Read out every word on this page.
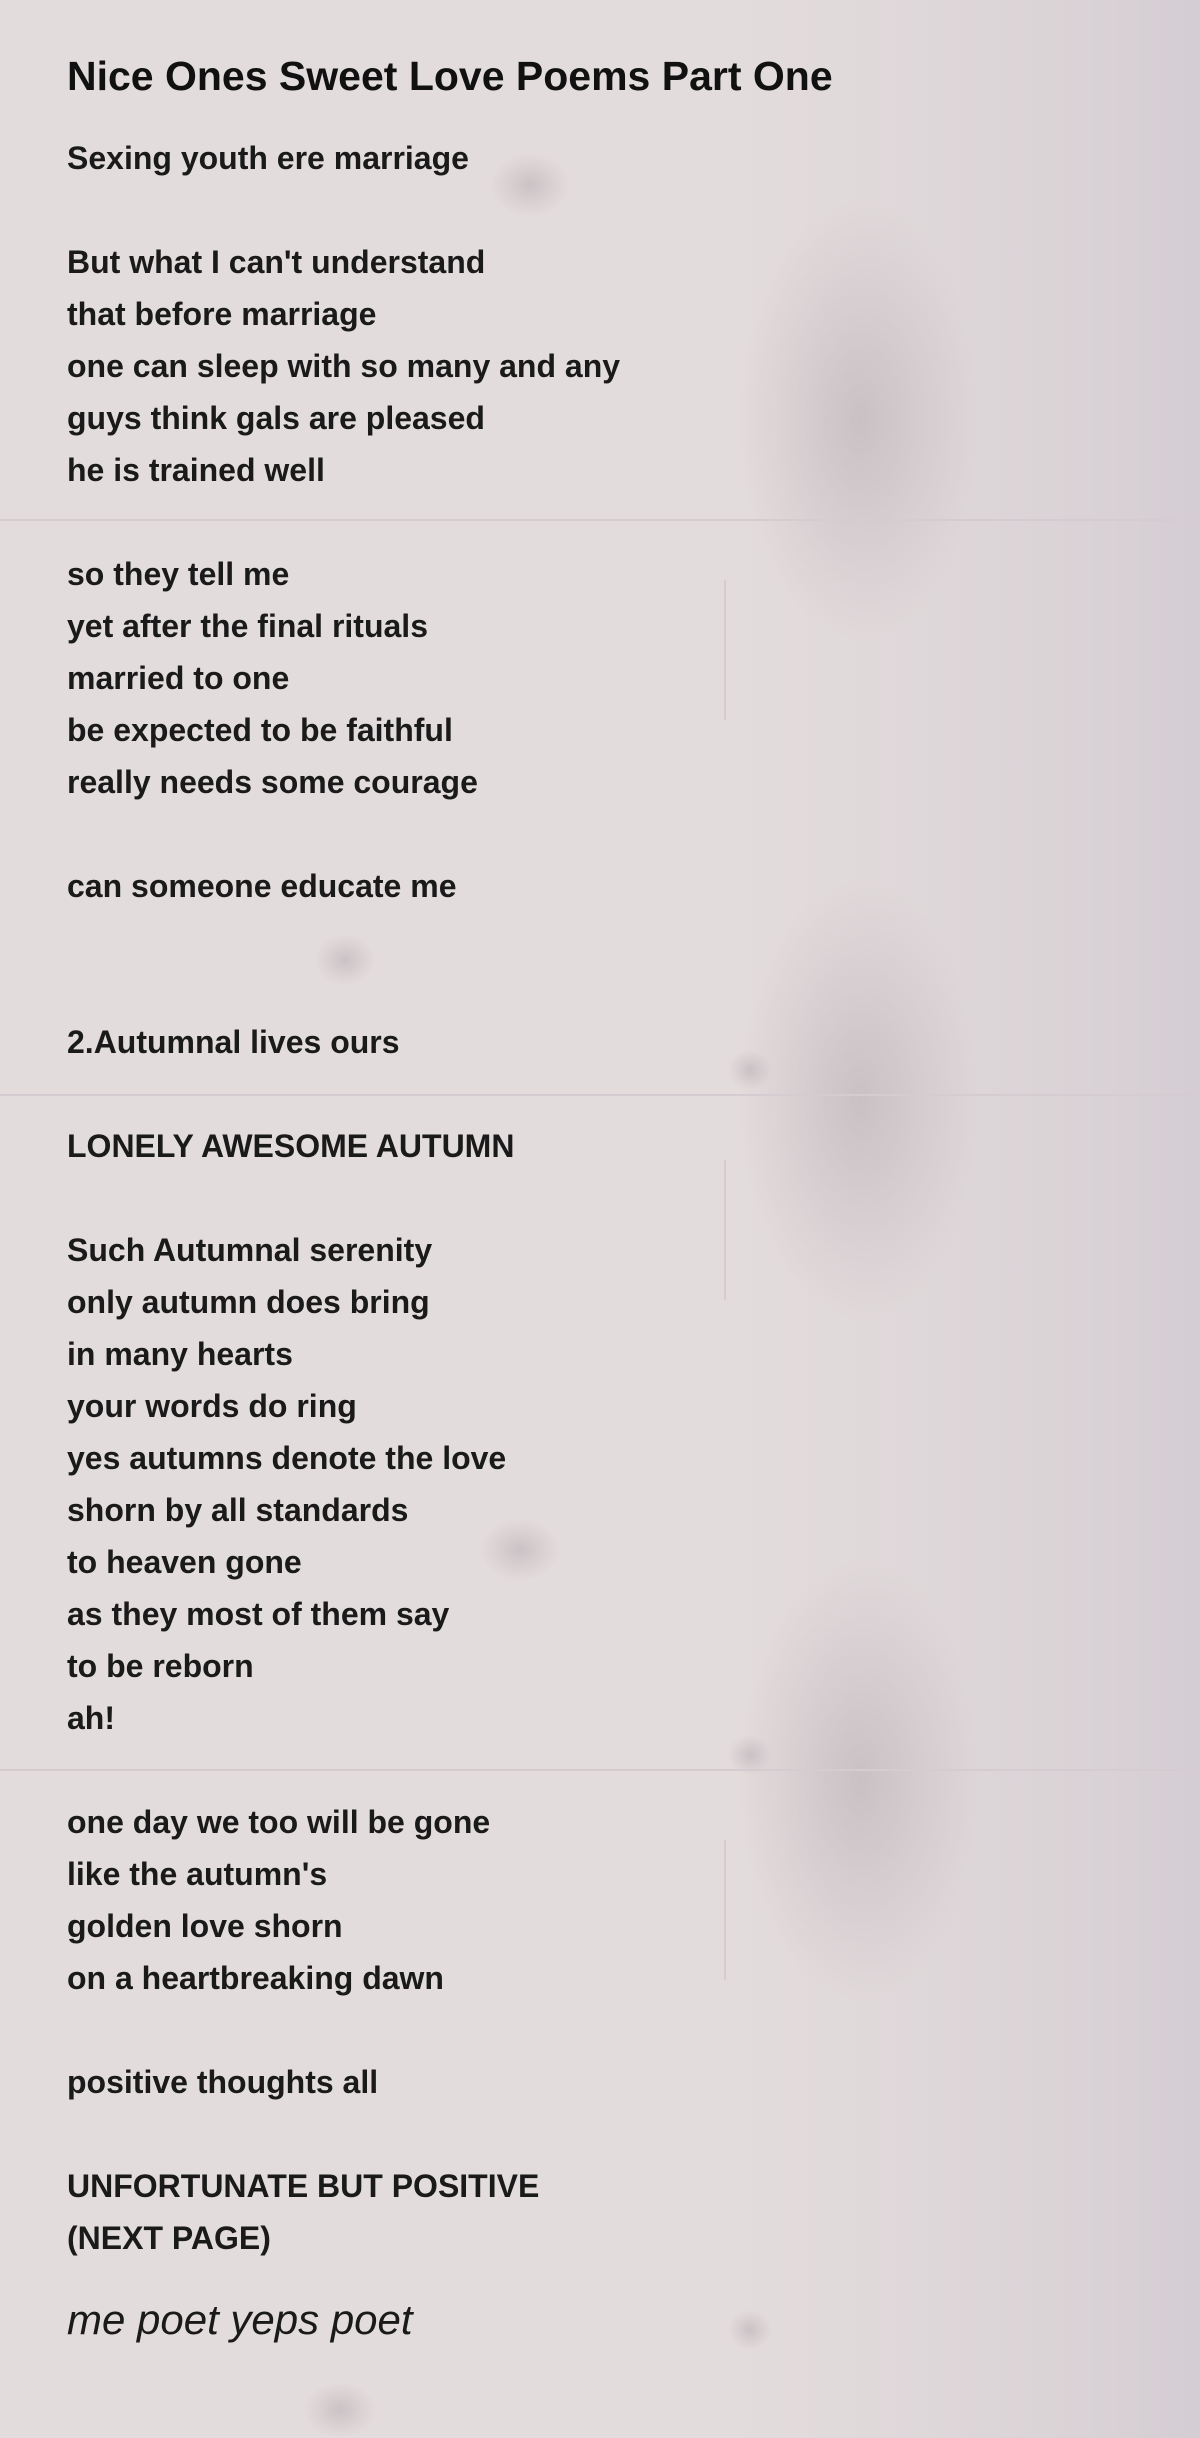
Nice Ones Sweet Love Poems Part One
Sexing youth ere marriage
But what I can't understand
that before marriage
one can sleep with so many and any
guys think gals are pleased
he is trained well
so they tell me
yet after the final rituals
married to one
be expected to be faithful
really needs some courage
can someone educate me
2.Autumnal lives ours
LONELY AWESOME AUTUMN
Such Autumnal serenity
only autumn does bring
in many hearts
your words do ring
yes autumns denote the love
shorn by all standards
to heaven gone
as they most of them say
to be reborn
ah!
one day we too will be gone
like the autumn's
golden love shorn
on a heartbreaking dawn
positive thoughts all
UNFORTUNATE BUT POSITIVE
(NEXT PAGE)
me poet yeps poet
